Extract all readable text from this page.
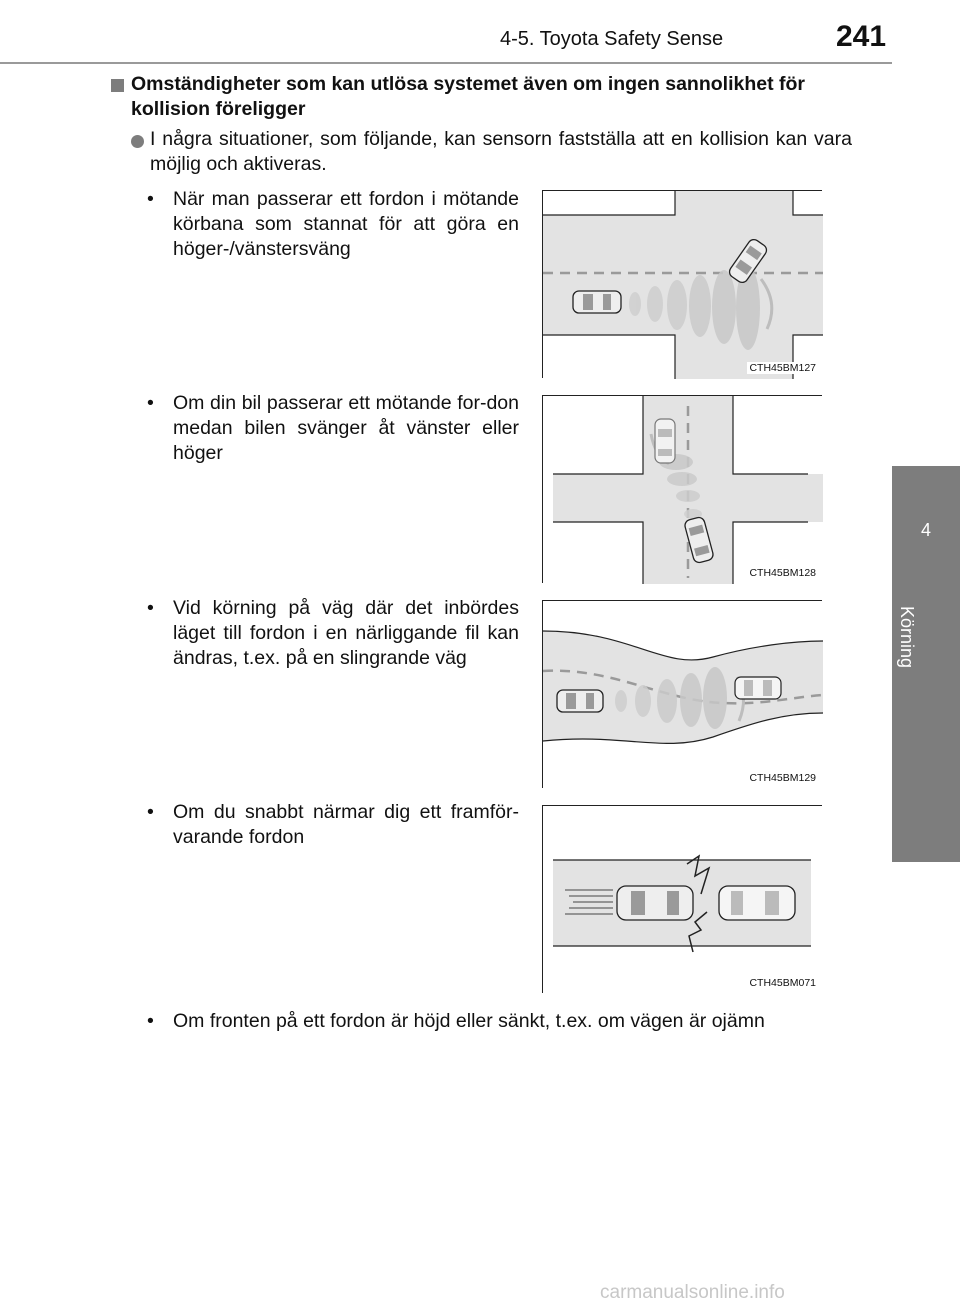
4-5. Toyota Safety Sense	241
4
Körning
Omständigheter som kan utlösa systemet även om ingen sannolikhet för kollision föreligger
I några situationer, som följande, kan sensorn fastställa att en kollision kan vara möjlig och aktiveras.
• När man passerar ett fordon i mötande körbana som stannat för att göra en höger-/vänstersväng
• Om din bil passerar ett mötande for-don medan bilen svänger åt vänster eller höger
• Vid körning på väg där det inbördes läget till fordon i en närliggande fil kan ändras, t.ex. på en slingrande väg
• Om du snabbt närmar dig ett framför-varande fordon
CTH45BM127
CTH45BM128
CTH45BM129
CTH45BM071
• Om fronten på ett fordon är höjd eller sänkt, t.ex. om vägen är ojämn
carmanualsonline.info
